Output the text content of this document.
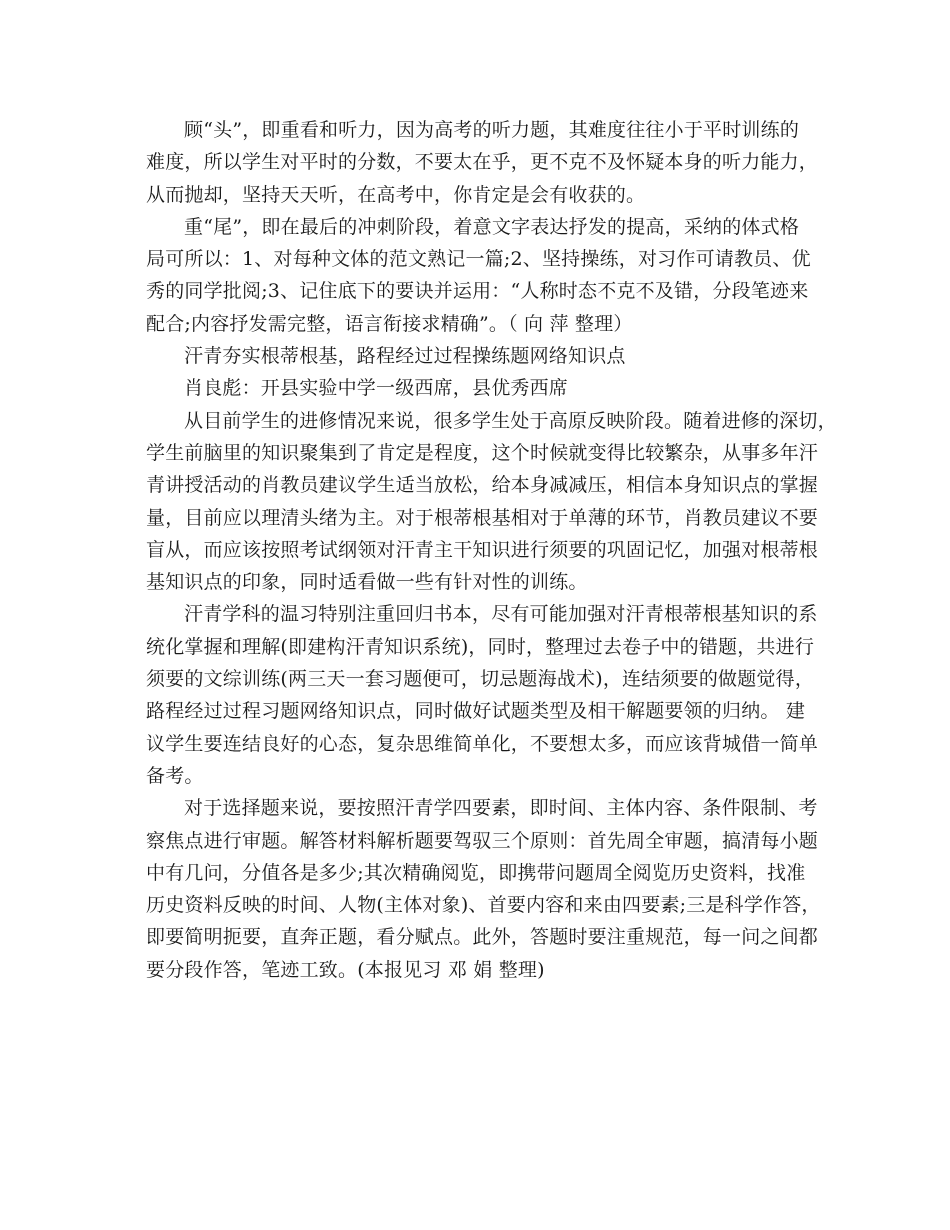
顾“头”，即重看和听力，因为高考的听力题，其难度往往小于平时训练的
难度，所以学生对平时的分数，不要太在乎，更不克不及怀疑本身的听力能力，
从而抛却，坚持天天听，在高考中，你肯定是会有收获的。
重“尾”，即在最后的冲刺阶段，着意文字表达抒发的提高，采纳的体式格
局可所以：1、对每种文体的范文熟记一篇;2、坚持操练，对习作可请教员、优
秀的同学批阅;3、记住底下的要诀并运用：“人称时态不克不及错，分段笔迹来
配合;内容抒发需完整，语言衔接求精确”。（ 向 萍 整理）
汗青夯实根蒂根基，路程经过过程操练题网络知识点
肖良彪：开县实验中学一级西席，县优秀西席
从目前学生的进修情况来说，很多学生处于高原反映阶段。随着进修的深切，
学生前脑里的知识聚集到了肯定是程度，这个时候就变得比较繁杂，从事多年汗
青讲授活动的肖教员建议学生适当放松，给本身减减压，相信本身知识点的掌握
量，目前应以理清头绪为主。对于根蒂根基相对于单薄的环节，肖教员建议不要
盲从，而应该按照考试纲领对汗青主干知识进行须要的巩固记忆，加强对根蒂根
基知识点的印象，同时适看做一些有针对性的训练。
汗青学科的温习特别注重回归书本，尽有可能加强对汗青根蒂根基知识的系
统化掌握和理解(即建构汗青知识系统)，同时，整理过去卷子中的错题，共进行
须要的文综训练(两三天一套习题便可，切忌题海战术)，连结须要的做题觉得，
路程经过过程习题网络知识点，同时做好试题类型及相干解题要领的归纳。 建
议学生要连结良好的心态，复杂思维简单化，不要想太多，而应该背城借一简单
备考。
对于选择题来说，要按照汗青学四要素，即时间、主体内容、条件限制、考
察焦点进行审题。解答材料解析题要驾驭三个原则：首先周全审题，搞清每小题
中有几问，分值各是多少;其次精确阅览，即携带问题周全阅览历史资料，找准
历史资料反映的时间、人物(主体对象)、首要内容和来由四要素;三是科学作答，
即要简明扼要，直奔正题，看分赋点。此外，答题时要注重规范，每一问之间都
要分段作答，笔迹工致。(本报见习 邓 娟 整理)
